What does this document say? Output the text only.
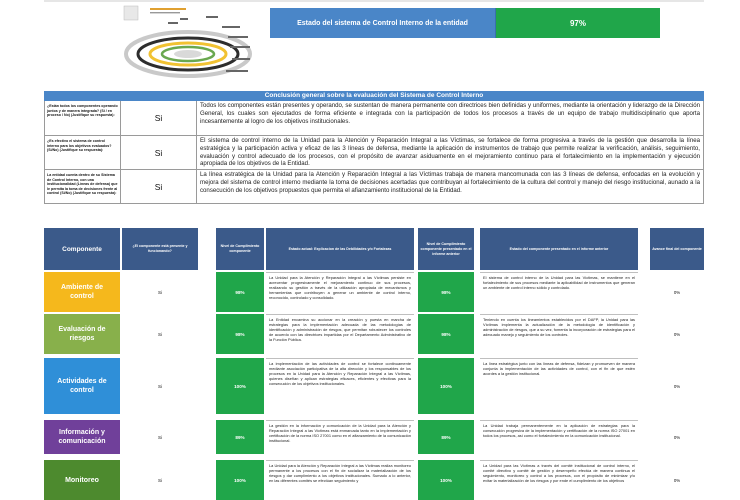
Estado del sistema de Control Interno de la entidad	97%
Conclusión general sobre la evaluación del Sistema de Control Interno
¿Están todos los componentes operando juntos y de manera integrada? (Si / en proceso / No) (Justifique su respuesta):	Si
Todos los componentes están presentes y operando, se sustentan de manera permanente con directrices bien definidas y uniformes, mediante la orientación y liderazgo de la Dirección General, los cuales son ejecutados de forma eficiente e integrada con la participación de todos los procesos a través de un equipo de trabajo multidisciplinario que aporta incesantemente al logro de los objetivos institucionales.
¿Es efectivo el sistema de control interno para los objetivos evaluados? (Si/No) (Justifique su respuesta):	Si
El sistema de control interno de la Unidad para la Atención y Reparación Integral a las Víctimas, se fortalece de forma progresiva a través de la gestión que desarrolla la línea estratégica y la participación activa y eficaz de las 3 líneas de defensa, mediante la aplicación de instrumentos de trabajo que permite realizar la verificación, análisis, seguimiento, evaluación y control adecuado de los procesos, con el propósito de avanzar asiduamente en el mejoramiento continuo para el fortalecimiento en la implementación y ejecución apropiada de los objetivos de la Entidad.
La entidad cuenta dentro de su Sistema de Control Interno, con una institucionalidad (Líneas de defensa) que le permita la toma de decisiones frente al control (Si/No) (Justifique su respuesta):
Si
La línea estratégica de la Unidad para la Atención y Reparación Integral a las Víctimas trabaja de manera mancomunada con las 3 líneas de defensa, enfocadas en la evolución y mejora del sistema de control interno mediante la toma de decisiones acertadas que contribuyan al fortalecimiento de la cultura del control y manejo del riesgo institucional, aunado a la consecución de los objetivos propuestos que permita el afianzamiento institucional de la Entidad.
Componente	¿El componente está presente y funcionando?
Nivel de Cumplimiento componente
Estado actual: Explicacion de las Debilidades y/o Fortalezas
Nivel de Cumplimiento componente presentado en el informe anterior
Estado del componente presentado en el informe anterior	Avance final del componente
Ambiente de control
Si	98%
La Unidad para la Atención y Reparación Integral a las Víctimas persiste en acrecentar progresivamente el mejoramiento continuo de sus procesos, realizando su gestión a través de la utilización apropiada de mecanismos y herramientas que contribuyen a generar un ambiente de control interno, reconocido, controlado y consolidado.
98%
El sistema de control interno de la Unidad para las Víctimas, se mantiene en el fortalecimiento de sus procesos mediante la aplicabilidad de instrumentos que generan un ambiente de control interno sólido y controlado.
0%
Evaluación de riesgos
Si	98%
La Entidad encamina su accionar en la creación y puesta en marcha de estrategias para la implementación adecuada de las metodologías de identificación y administración de riesgos, que permitan robustecer los controles de acuerdo con las directrices impartidas por el Departamento Administrativo de la Función Pública.
98%
Teniendo en cuenta los lineamientos establecidos por el DAFP, la Unidad para las Víctimas implementa la actualización de la metodología de identificación y administración de riesgos, que a su vez, fomenta la incorporación de estrategias para el adecuado manejo y seguimiento de los controles.	0%
Actividades de control
Si	100%
La implementación de las actividades de control se fortalece continuamente mediante asociación participativa de la alta dirección y los responsables de los procesos en la Unidad para la Atención y Reparación Integral a las Víctimas, quienes diseñan y aplican estrategias eficaces, eficientes y efectivas para la consecución de los objetivos institucionales.	100%
La línea estratégica junto con las líneas de defensa, fideizan y promueven de manera conjunta la implementación de las actividades de control, con el fin de que estén acordes a la gestión institucional.
0%
Información y comunicación
Si	89%
La gestión en la información y comunicación de la Unidad para la Atención y Reparación Integral a las Víctimas está enmarcada tanto en la implementación y certificación de la norma ISO 27001 como en el afianzamiento de la comunicación institucional.
89%
La Unidad trabaja permanentemente en la aplicación de estrategias para la consecución progresiva de la implementación y certificación de la norma ISO 27001 en todos los procesos, así como el fortalecimiento en la comunicación institucional.	0%
Monitoreo	Si	100%
La Unidad para la Atención y Reparación Integral a las Víctimas realiza monitoreo permanente a los procesos con el fin de socializar la materialización de los riesgos y dar cumplimiento a los objetivos institucionales. Sumado a lo anterior, en las diferentes comités se efectúan seguimiento y	100%
La Unidad para las Víctimas a través del comité institucional de control interno, el comité directivo y comité de gestión y desempeño efectúa de manera continua el seguimiento, monitoreo y control a los procesos, con el propósito de minimizar y/o evitar la materialización de los riesgos y por ende el cumplimiento de los objetivos	0%
